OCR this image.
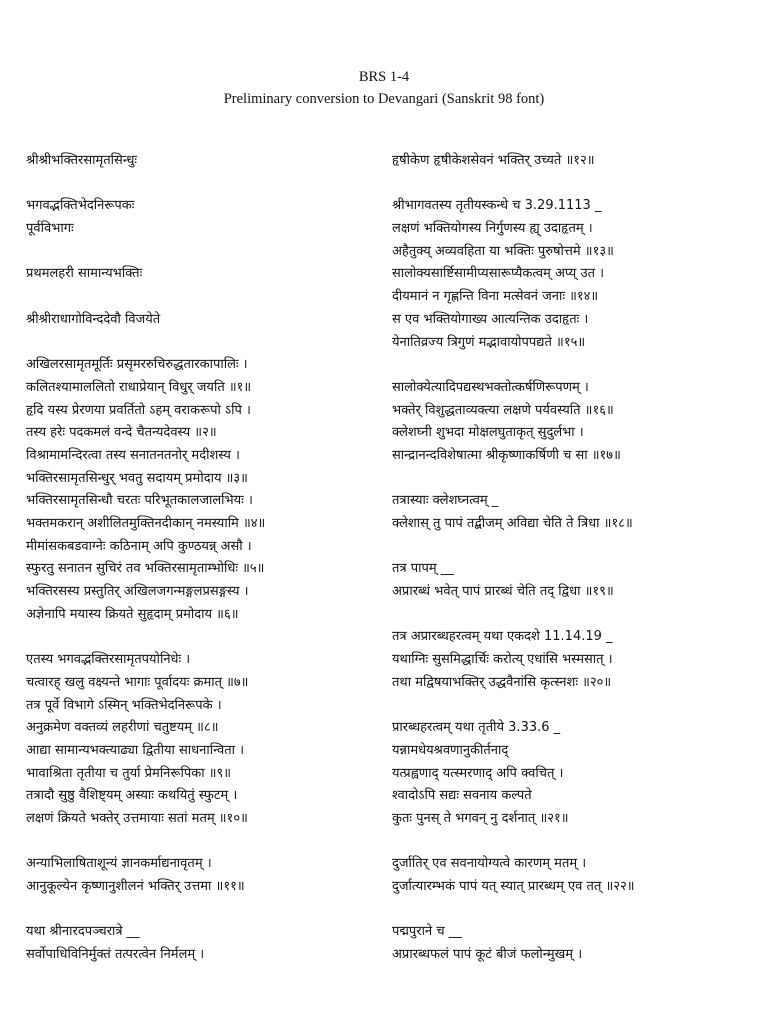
BRS 1-4
Preliminary conversion to Devangari (Sanskrit 98 font)
श्रीश्रीभक्तिरसामृतसिन्धुः

भगवद्भक्तिभेदनिरूपकः
पूर्वविभागः

प्रथमलहरी सामान्यभक्तिः

श्रीश्रीराधागोविन्ददेवौ विजयेते

अखिलरसामृतमूर्तिः प्रसृमररुचिरुद्धतारकापालिः ।
कलितश्यामाललितो राधाप्रेयान् विधुर् जयति ॥१॥
हृदि यस्य प्रेरणया प्रवर्तितो ऽहम् वराकरूपो ऽपि ।
तस्य हरेः पदकमलं वन्दे चैतन्यदेवस्य ॥२॥
विश्रामामन्दिरत्वा तस्य सनातनतनोर् मदीशस्य ।
भक्तिरसामृतसिन्धुर् भवतु सदायम् प्रमोदाय ॥३॥
भक्तिरसामृतसिन्धौ चरतः परिभूतकालजालभियः ।
भक्तमकरान् अशीलितमुक्तिनदीकान् नमस्यामि ॥४॥
मीमांसकबडवाग्नेः कठिनाम् अपि कुण्ठयन्न् असौ ।
स्फुरतु सनातन सुचिरं तव भक्तिरसामृताम्भोधिः ॥५॥
भक्तिरसस्य प्रस्तुतिर् अखिलजगन्मङ्गलप्रसङ्गस्य ।
अज्ञेनापि मयास्य क्रियते सुहृदाम् प्रमोदाय ॥६॥

एतस्य भगवद्भक्तिरसामृतपयोनिधेः ।
चत्वारह् खलु वक्ष्यन्ते भागाः पूर्वादयः क्रमात् ॥७॥
तत्र पूर्वे विभागे ऽस्मिन् भक्तिभेदनिरूपके ।
अनुक्रमेण वक्तव्यं लहरीणां चतुष्टयम् ॥८॥
आद्या सामान्यभक्त्याढ्या द्वितीया साधनान्विता ।
भावाश्रिता तृतीया च तुर्या प्रेमनिरूपिका ॥९॥
तत्रादौ सुष्ठु वैशिष्ट्यम् अस्याः कथयितुं स्फुटम् ।
लक्षणं क्रियते भक्तेर् उत्तमायाः सतां मतम् ॥१०॥

अन्याभिलाषिताशून्यं ज्ञानकर्माद्यनावृतम् ।
आनुकूल्येन कृष्णानुशीलनं भक्तिर् उत्तमा ॥११॥

यथा श्रीनारदपञ्चरात्रे __
सर्वोपाधिविनिर्मुक्तं तत्परत्वेन निर्मलम् ।
हृषीकेण हृषीकेशसेवनं भक्तिर् उच्यते ॥१२॥

श्रीभागवतस्य तृतीयस्कन्धे च 3.29.1113 _
लक्षणं भक्तियोगस्य निर्गुणस्य ह्य् उदाहृतम् ।
अहैतुक्य् अव्यवहिता या भक्तिः पुरुषोत्तमे ॥१३॥
सालोक्यसार्ष्टिसामीप्यसारूप्यैकत्वम् अप्य् उत ।
दीयमानं न गृह्णन्ति विना मत्सेवनं जनाः ॥१४॥
स एव भक्तियोगाख्य आत्यन्तिक उदाहृतः ।
येनातिव्रज्य त्रिगुणं मद्भावायोपपद्यते ॥१५॥

सालोक्येत्यादिपद्यस्थभक्तोत्कर्षणिरूपणम् ।
भक्तेर् विशुद्धताव्यक्त्या लक्षणे पर्यवस्यति ॥१६॥
क्लेशघ्नी शुभदा मोक्षलघुताकृत् सुदुर्लभा ।
सान्द्रानन्दविशेषात्मा श्रीकृष्णाकर्षिणी च सा ॥१७॥

तत्रास्याः क्लेशघ्नत्वम् _
क्लेशास् तु पापं तद्बीजम् अविद्या चेति ते त्रिधा ॥१८॥

तत्र पापम् __
अप्रारब्धं भवेत् पापं प्रारब्धं चेति तद् द्विधा ॥१९॥

तत्र अप्रारब्धहरत्वम् यथा एकदशे 11.14.19 _
यथाग्निः सुसमिद्धार्चिः करोत्य् एधांसि भस्मसात् ।
तथा मद्विषयाभक्तिर् उद्धवैनांसि कृत्स्नशः ॥२०॥

प्रारब्धहरत्वम् यथा तृतीये 3.33.6 _
यन्नामधेयश्रवणानुकीर्तनाद्
यत्प्रह्वणाद् यत्स्मरणाद् अपि क्वचित् ।
श्वादोऽपि सद्यः सवनाय कल्पते
कुतः पुनस् ते भगवन् नु दर्शनात् ॥२१॥

दुर्जातिर् एव सवनायोग्यत्वे कारणम् मतम् ।
दुर्जात्यारम्भकं पापं यत् स्यात् प्रारब्धम् एव तत् ॥२२॥

पद्मपुराने च __
अप्रारब्धफलं पापं कूटं बीजं फलोन्मुखम् ।
